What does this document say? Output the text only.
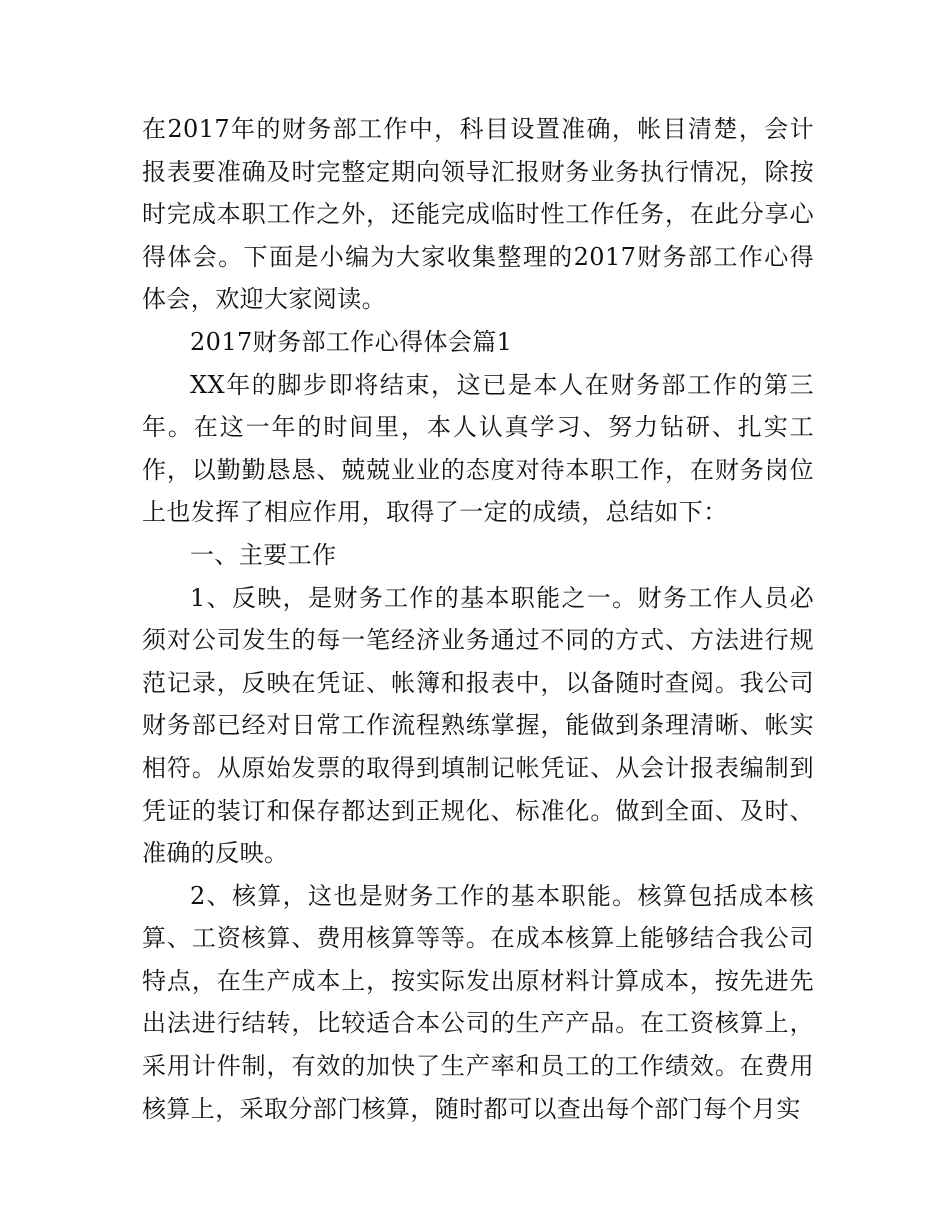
在2017年的财务部工作中，科目设置准确，帐目清楚，会计报表要准确及时完整定期向领导汇报财务业务执行情况，除按时完成本职工作之外，还能完成临时性工作任务，在此分享心得体会。下面是小编为大家收集整理的2017财务部工作心得体会，欢迎大家阅读。

2017财务部工作心得体会篇1

XX年的脚步即将结束，这已是本人在财务部工作的第三年。在这一年的时间里，本人认真学习、努力钻研、扎实工作，以勤勤恳恳、兢兢业业的态度对待本职工作，在财务岗位上也发挥了相应作用，取得了一定的成绩，总结如下：

一、主要工作

1、反映，是财务工作的基本职能之一。财务工作人员必须对公司发生的每一笔经济业务通过不同的方式、方法进行规范记录，反映在凭证、帐簿和报表中，以备随时查阅。我公司财务部已经对日常工作流程熟练掌握，能做到条理清晰、帐实相符。从原始发票的取得到填制记帐凭证、从会计报表编制到凭证的装订和保存都达到正规化、标准化。做到全面、及时、准确的反映。

2、核算，这也是财务工作的基本职能。核算包括成本核算、工资核算、费用核算等等。在成本核算上能够结合我公司特点，在生产成本上，按实际发出原材料计算成本，按先进先出法进行结转，比较适合本公司的生产产品。在工资核算上，采用计件制，有效的加快了生产率和员工的工作绩效。在费用核算上，采取分部门核算，随时都可以查出每个部门每个月实
